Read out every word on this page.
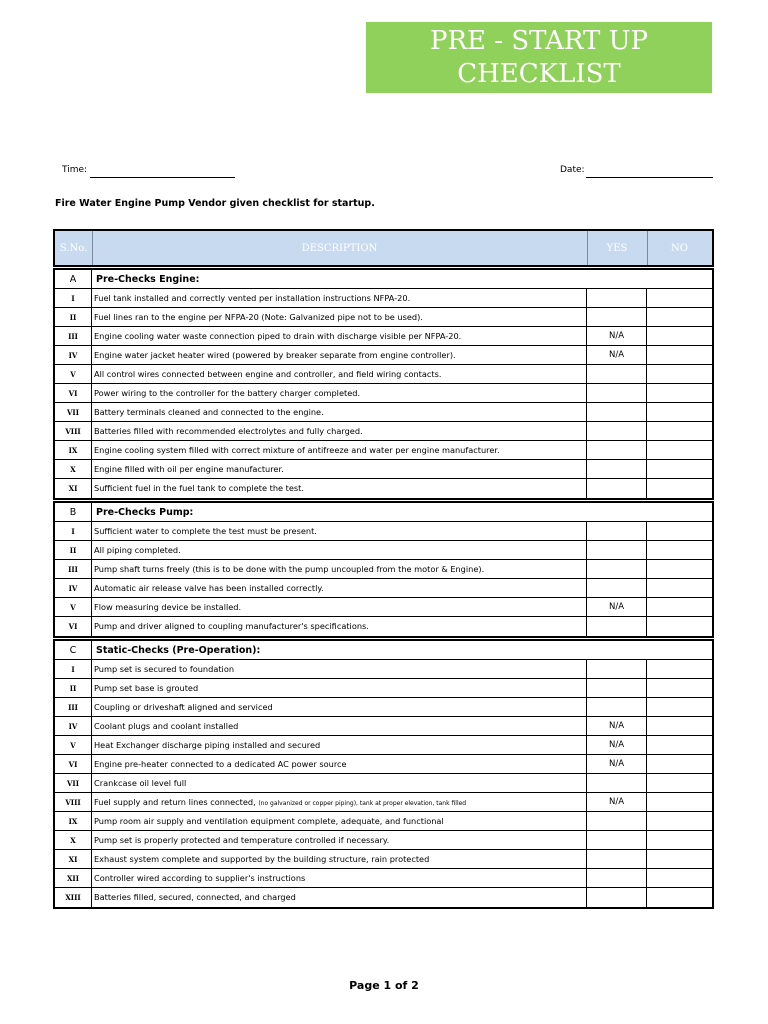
PRE - START UP
CHECKLIST
Time:	Date:
Fire Water Engine Pump Vendor given checklist for startup.
S.No.	DESCRIPTION	YES	NO
A	Pre-Checks Engine:
I	Fuel tank installed and correctly vented per installation instructions NFPA-20.
II	Fuel lines ran to the engine per NFPA-20 (Note: Galvanized pipe not to be used).
III	Engine cooling water waste connection piped to drain with discharge visible per NFPA-20.	N/A
IV	Engine water jacket heater wired (powered by breaker separate from engine controller).	N/A
V	All control wires connected between engine and controller, and field wiring contacts.
VI	Power wiring to the controller for the battery charger completed.
VII	Battery terminals cleaned and connected to the engine.
VIII	Batteries filled with recommended electrolytes and fully charged.
IX	Engine cooling system filled with correct mixture of antifreeze and water per engine manufacturer.
X	Engine filled with oil per engine manufacturer.
XI	Sufficient fuel in the fuel tank to complete the test.
B	Pre-Checks Pump:
I	Sufficient water to complete the test must be present.
II	All piping completed.
III	Pump shaft turns freely (this is to be done with the pump uncoupled from the motor & Engine).
IV	Automatic air release valve has been installed correctly.
V	Flow measuring device be installed.	N/A
VI	Pump and driver aligned to coupling manufacturer's specifications.
C	Static-Checks (Pre-Operation):
I	Pump set is secured to foundation
II	Pump set base is grouted
III	Coupling or driveshaft aligned and serviced
IV	Coolant plugs and coolant installed	N/A
V	Heat Exchanger discharge piping installed and secured	N/A
VI	Engine pre-heater connected to a dedicated AC power source	N/A
VII	Crankcase oil level full
VIII	Fuel supply and return lines connected, (no galvanized or copper piping), tank at proper elevation, tank filled	N/A
IX	Pump room air supply and ventilation equipment complete, adequate, and functional
X	Pump set is properly protected and temperature controlled if necessary.
XI	Exhaust system complete and supported by the building structure, rain protected
XII	Controller wired according to supplier's instructions
XIII	Batteries filled, secured, connected, and charged
Page 1 of 2
